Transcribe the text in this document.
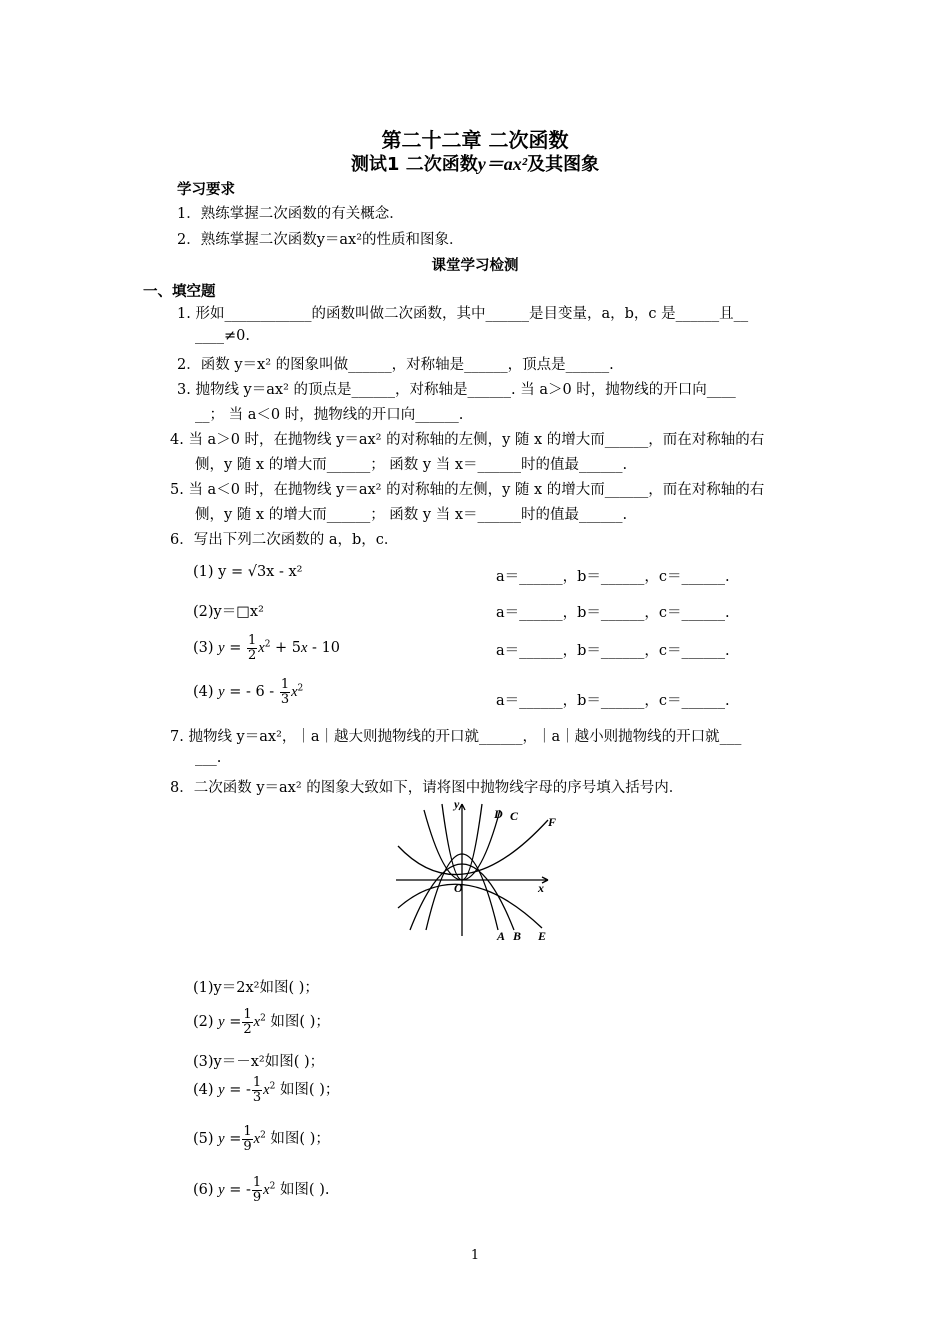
第二十二章 二次函数
测试1 二次函数y＝ax²及其图象
学习要求
1．熟练掌握二次函数的有关概念．
2．熟练掌握二次函数y＝ax²的性质和图象．
课堂学习检测
一、填空题
1. 形如____________的函数叫做二次函数，其中______是目变量，a，b，c 是______且__
____≠0.
2．函数 y＝x² 的图象叫做______，对称轴是______，顶点是______.
3. 抛物线 y＝ax² 的顶点是______，对称轴是______. 当 a＞0 时，抛物线的开口向____
__； 当 a＜0 时，抛物线的开口向______.
4. 当 a＞0 时，在抛物线 y＝ax² 的对称轴的左侧，y 随 x 的增大而______，而在对称轴的右
侧，y 随 x 的增大而______； 函数 y 当 x＝______时的值最______.
5. 当 a＜0 时，在抛物线 y＝ax² 的对称轴的左侧，y 随 x 的增大而______，而在对称轴的右
侧，y 随 x 的增大而______； 函数 y 当 x＝______时的值最______.
6．写出下列二次函数的 a，b，c．
(1) y = √3x - x²
(2)y＝□x²
(3) $y = \frac{1}{2} x^2 + 5x - 10$
(4) y = - $6 - \frac{1}{3} x^2$
a＝______，b＝______，c＝______.
a＝______，b＝______，c＝______.
a＝______，b＝______，c＝______.
a＝______，b＝______，c＝______.
7. 抛物线 y＝ax²，｜a｜越大则抛物线的开口就______，｜a｜越小则抛物线的开口就___
___.
8．二次函数 y＝ax² 的图象大致如下，请将图中抛物线字母的序号填入括号内．
y
x
O
D C F
A B E
(1)y＝2x²如图( )；
(2) $y = \frac{1}{2} x^2$ 如图( )；
(3)y＝－x²如图( )；
(4) y = - $\frac{1}{3} x^2$ 如图( )；
(5) $y = \frac{1}{9} x^2$ 如图( )；
(6) y = - $\frac{1}{9} x^2$ 如图( ).
1
